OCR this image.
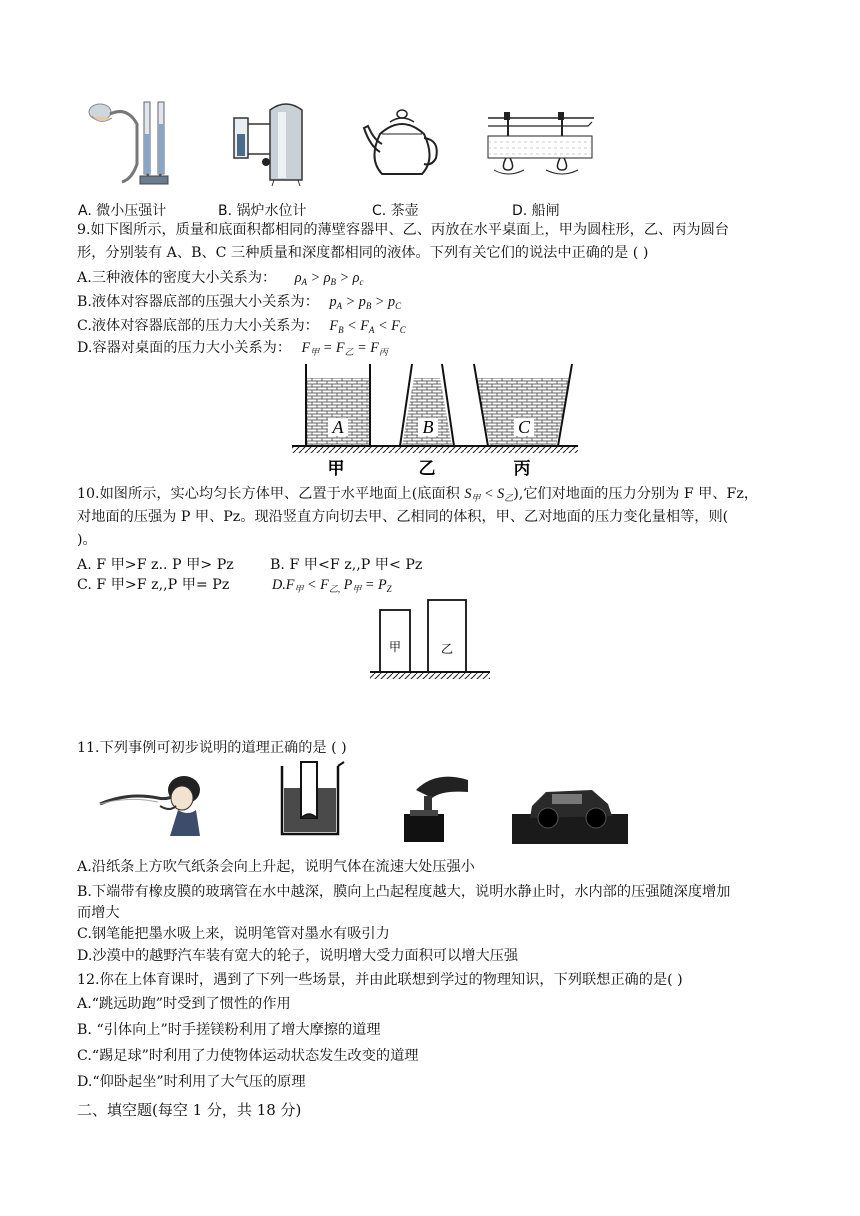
A. 微小压强计	B. 锅炉水位计	C. 茶壶	D. 船闸
9.如下图所示，质量和底面积都相同的薄壁容器甲、乙、丙放在水平桌面上，甲为圆柱形，乙、丙为圆台
形，分别装有 A、B、C 三种质量和深度都相同的液体。下列有关它们的说法中正确的是 ( )
A.三种液体的密度大小关系为： $\rho_A > \rho_B > \rho_c$
B.液体对容器底部的压强大小关系为： $p_A > p_B > p_C$
C.液体对容器底部的压力大小关系为： $F_B < F_A < F_C$
D.容器对桌面的压力大小关系为： $F_甲 = F_乙 = F_丙$
A	B	C
甲	乙	丙
10.如图所示，实心均匀长方体甲、乙置于水平地面上(底面积 $S_甲 < S_乙$),它们对地面的压力分别为 F 甲、Fz，
对地面的压强为 P 甲、Pz。现沿竖直方向切去甲、乙相同的体积，甲、乙对地面的压力变化量相等，则(
)。
A. F 甲>F z.. P 甲> Pz	B. F 甲<F z,,P 甲< Pz
C. F 甲>F z,,P 甲= Pz	$D.F_甲 < F_{乙,}$ $P_甲 = P_Z$
甲	乙
11.下列事例可初步说明的道理正确的是 ( )
A.沿纸条上方吹气纸条会向上升起，说明气体在流速大处压强小
B.下端带有橡皮膜的玻璃管在水中越深，膜向上凸起程度越大，说明水静止时，水内部的压强随深度增加
而增大
C.钢笔能把墨水吸上来，说明笔管对墨水有吸引力
D.沙漠中的越野汽车装有宽大的轮子，说明增大受力面积可以增大压强
12.你在上体育课时，遇到了下列一些场景，并由此联想到学过的物理知识，下列联想正确的是( )
A.“跳远助跑”时受到了惯性的作用
B. “引体向上”时手搓镁粉利用了增大摩擦的道理
C.“踢足球”时利用了力使物体运动状态发生改变的道理
D.“仰卧起坐”时利用了大气压的原理
二、填空题(每空 1 分，共 18 分)
